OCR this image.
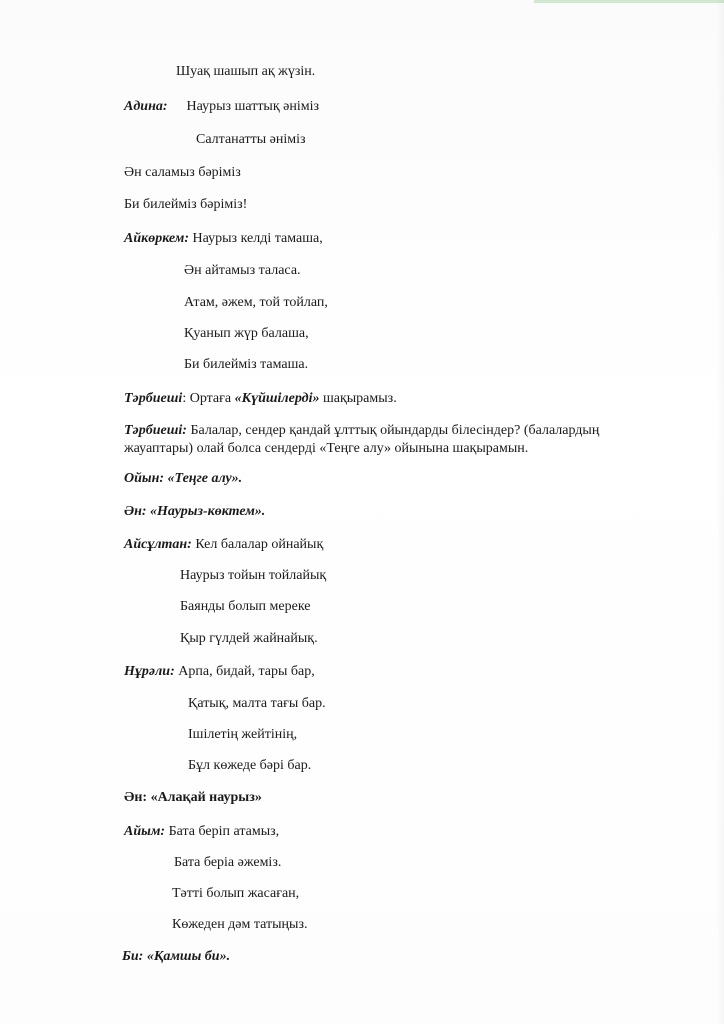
Шуақ шашып ақ жүзін.
Адина: Наурыз шаттық әніміз
Салтанатты әніміз
Ән саламыз бәріміз
Би билейміз бәріміз!
Айкөркем: Наурыз келді тамаша,
Ән айтамыз таласа.
Атам, әжем, той тойлап,
Қуанып жүр балаша,
Би билейміз тамаша.
Тәрбиеші: Ортаға «Күйшілерді» шақырамыз.
Тәрбиеші: Балалар, сендер қандай ұлттық ойындарды білесіндер? (балалардың жауаптары) олай болса сендерді «Теңге алу» ойынына шақырамын.
Ойын: «Теңге алу».
Ән: «Наурыз-көктем».
Айсұлтан: Кел балалар ойнайық
Наурыз тойын тойлайық
Баянды болып мереке
Қыр гүлдей жайнайық.
Нұрәли: Арпа, бидай, тары бар,
Қатық, малта тағы бар.
Ішілетің жейтінің,
Бұл көжеде бәрі бар.
Ән: «Алақай наурыз»
Айым: Бата беріп атамыз,
Бата беріа әжеміз.
Тәтті болып жасаған,
Көжеден дәм татыңыз.
Би: «Қамшы би».
